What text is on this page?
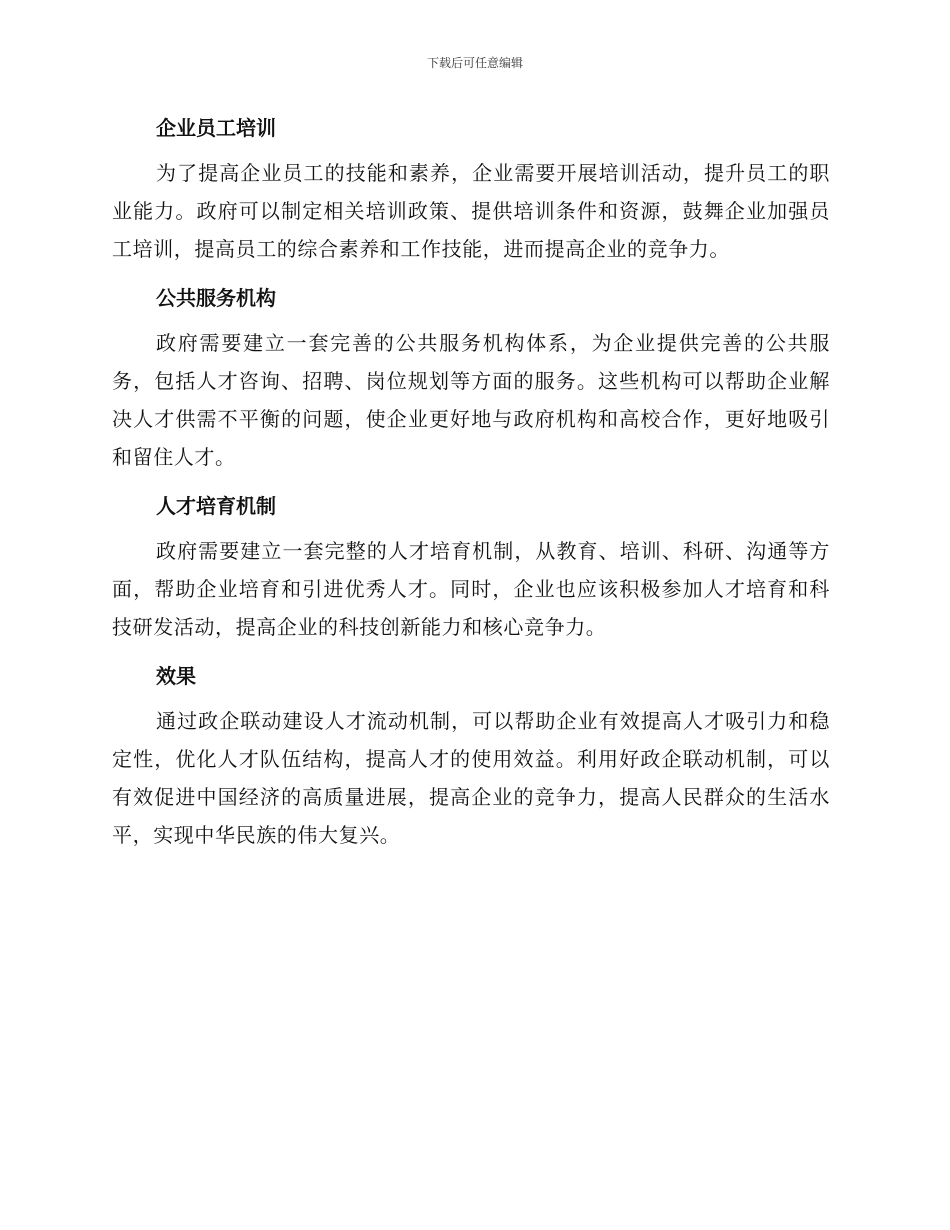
下载后可任意编辑
企业员工培训

为了提高企业员工的技能和素养，企业需要开展培训活动，提升员工的职业能力。政府可以制定相关培训政策、提供培训条件和资源，鼓舞企业加强员工培训，提高员工的综合素养和工作技能，进而提高企业的竞争力。

公共服务机构

政府需要建立一套完善的公共服务机构体系，为企业提供完善的公共服务，包括人才咨询、招聘、岗位规划等方面的服务。这些机构可以帮助企业解决人才供需不平衡的问题，使企业更好地与政府机构和高校合作，更好地吸引和留住人才。

人才培育机制

政府需要建立一套完整的人才培育机制，从教育、培训、科研、沟通等方面，帮助企业培育和引进优秀人才。同时，企业也应该积极参加人才培育和科技研发活动，提高企业的科技创新能力和核心竞争力。

效果

通过政企联动建设人才流动机制，可以帮助企业有效提高人才吸引力和稳定性，优化人才队伍结构，提高人才的使用效益。利用好政企联动机制，可以有效促进中国经济的高质量进展，提高企业的竞争力，提高人民群众的生活水平，实现中华民族的伟大复兴。
